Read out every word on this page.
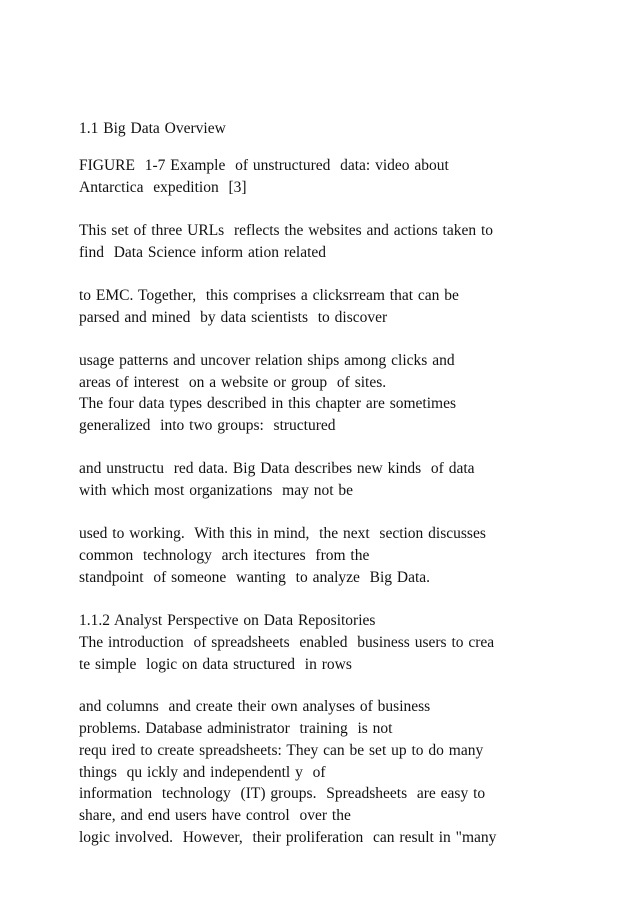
1.1 Big Data Overview
FIGURE  1-7 Example  of unstructured  data: video about
Antarctica  expedition  [3]
This set of three URLs  reflects the websites and actions taken to
find  Data Science inform ation related
to EMC. Together,  this comprises a clicksrream that can be
parsed and mined  by data scientists  to discover
usage patterns and uncover relation ships among clicks and
areas of interest  on a website or group  of sites.
The four data types described in this chapter are sometimes
generalized  into two groups:  structured
and unstructu  red data. Big Data describes new kinds  of data
with which most organizations  may not be
used to working.  With this in mind,  the next  section discusses
common  technology  arch itectures  from the
standpoint  of someone  wanting  to analyze  Big Data.
1.1.2 Analyst Perspective on Data Repositories
The introduction  of spreadsheets  enabled  business users to crea
te simple  logic on data structured  in rows
and columns  and create their own analyses of business
problems. Database administrator  training  is not
requ ired to create spreadsheets: They can be set up to do many
things  qu ickly and independentl y  of
information  technology  (IT) groups.  Spreadsheets  are easy to
share, and end users have control  over the
logic involved.  However,  their proliferation  can result in "many
